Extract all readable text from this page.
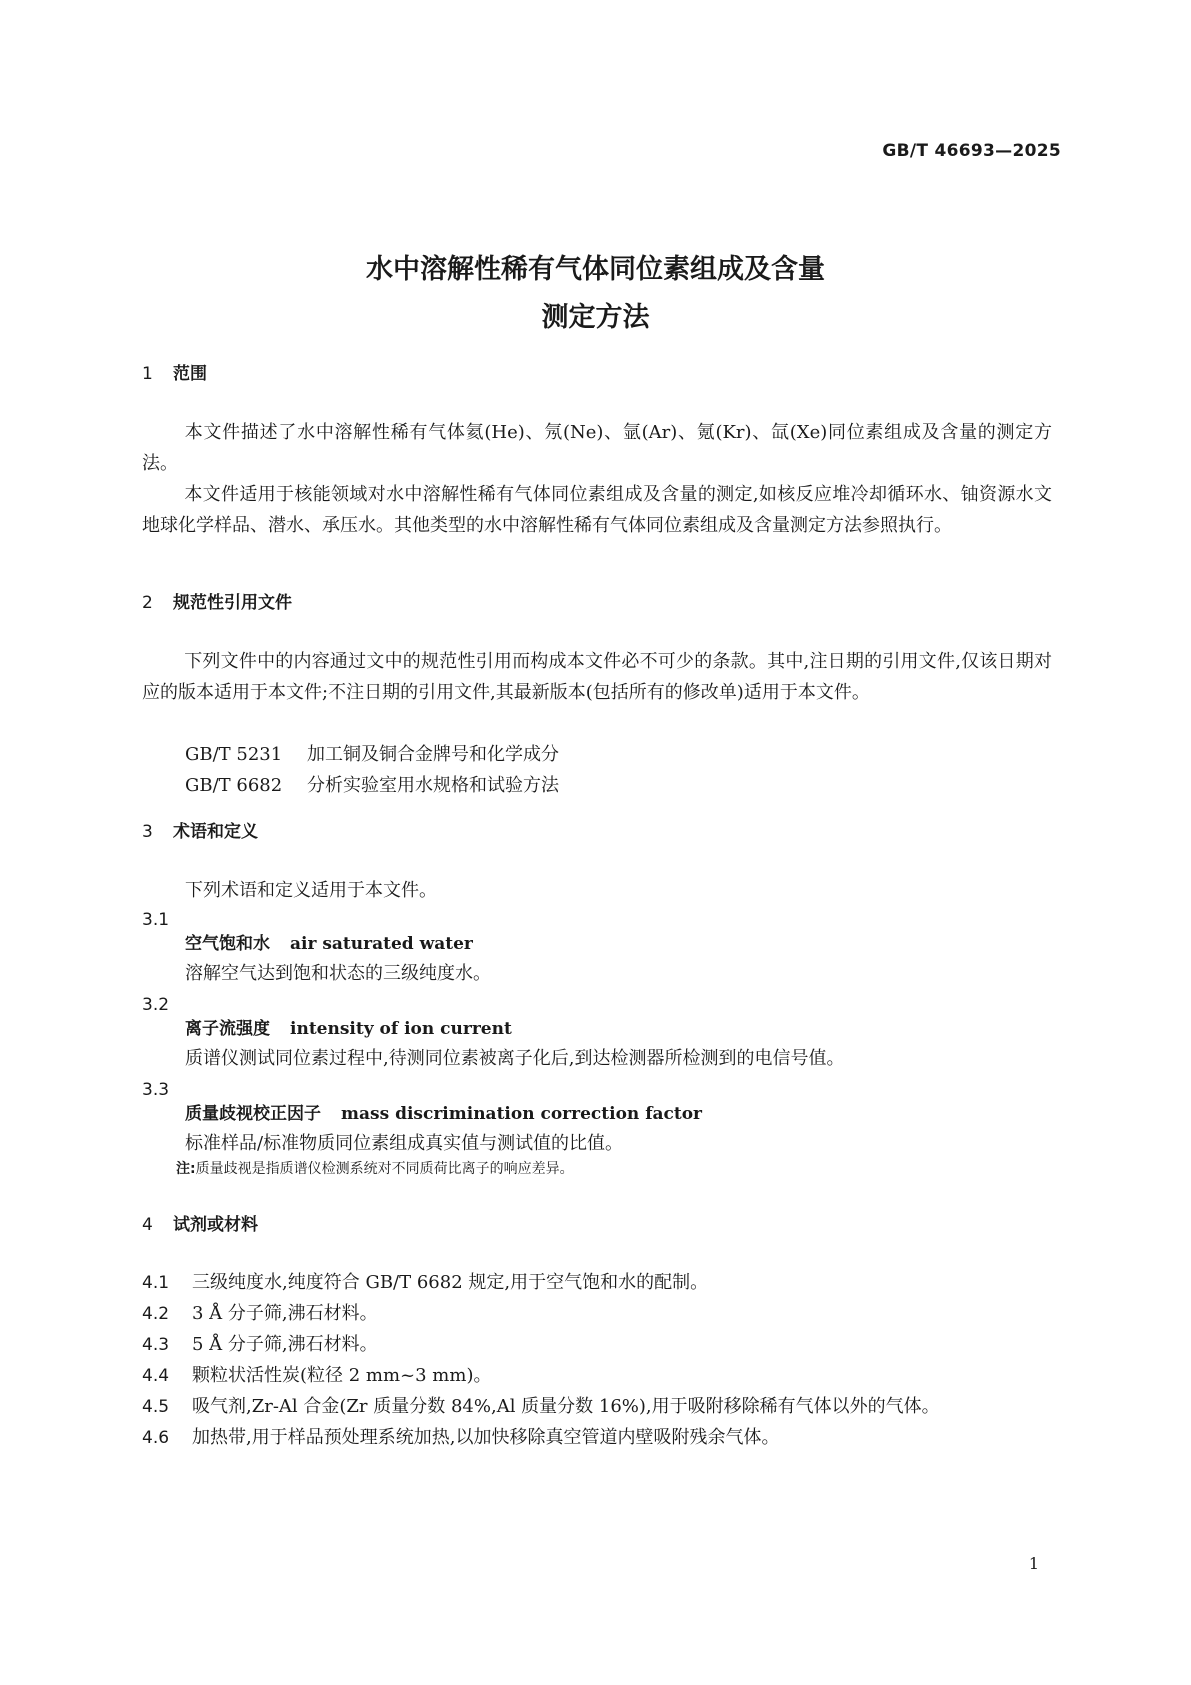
GB/T 46693—2025
水中溶解性稀有气体同位素组成及含量
测定方法
1 范围
本文件描述了水中溶解性稀有气体氦(He)、氖(Ne)、氩(Ar)、氪(Kr)、氙(Xe)同位素组成及含量的测定方法。
本文件适用于核能领域对水中溶解性稀有气体同位素组成及含量的测定,如核反应堆冷却循环水、铀资源水文地球化学样品、潜水、承压水。其他类型的水中溶解性稀有气体同位素组成及含量测定方法参照执行。
2 规范性引用文件
下列文件中的内容通过文中的规范性引用而构成本文件必不可少的条款。其中,注日期的引用文件,仅该日期对应的版本适用于本文件;不注日期的引用文件,其最新版本(包括所有的修改单)适用于本文件。
GB/T 5231 加工铜及铜合金牌号和化学成分
GB/T 6682 分析实验室用水规格和试验方法
3 术语和定义
下列术语和定义适用于本文件。
3.1
空气饱和水 air saturated water
溶解空气达到饱和状态的三级纯度水。
3.2
离子流强度 intensity of ion current
质谱仪测试同位素过程中,待测同位素被离子化后,到达检测器所检测到的电信号值。
3.3
质量歧视校正因子 mass discrimination correction factor
标准样品/标准物质同位素组成真实值与测试值的比值。
注:质量歧视是指质谱仪检测系统对不同质荷比离子的响应差异。
4 试剂或材料
4.1 三级纯度水,纯度符合 GB/T 6682 规定,用于空气饱和水的配制。
4.2 3 Å 分子筛,沸石材料。
4.3 5 Å 分子筛,沸石材料。
4.4 颗粒状活性炭(粒径 2 mm~3 mm)。
4.5 吸气剂,Zr-Al 合金(Zr 质量分数 84%,Al 质量分数 16%),用于吸附移除稀有气体以外的气体。
4.6 加热带,用于样品预处理系统加热,以加快移除真空管道内壁吸附残余气体。
1
